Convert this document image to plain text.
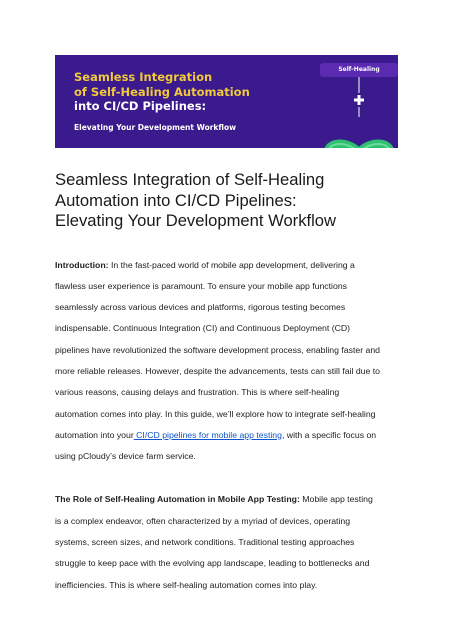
Seamless Integration
of Self-Healing Automation
into CI/CD Pipelines:

Elevating Your Development Workflow

Self-Healing
Seamless Integration of Self-Healing
Automation into CI/CD Pipelines:
Elevating Your Development Workflow

Introduction: In the fast-paced world of mobile app development, delivering a
flawless user experience is paramount. To ensure your mobile app functions
seamlessly across various devices and platforms, rigorous testing becomes
indispensable. Continuous Integration (CI) and Continuous Deployment (CD)
pipelines have revolutionized the software development process, enabling faster and
more reliable releases. However, despite the advancements, tests can still fail due to
various reasons, causing delays and frustration. This is where self-healing
automation comes into play. In this guide, we’ll explore how to integrate self-healing
automation into your CI/CD pipelines for mobile app testing, with a specific focus on
using pCloudy’s device farm service.

The Role of Self-Healing Automation in Mobile App Testing: Mobile app testing
is a complex endeavor, often characterized by a myriad of devices, operating
systems, screen sizes, and network conditions. Traditional testing approaches
struggle to keep pace with the evolving app landscape, leading to bottlenecks and
inefficiencies. This is where self-healing automation comes into play.
